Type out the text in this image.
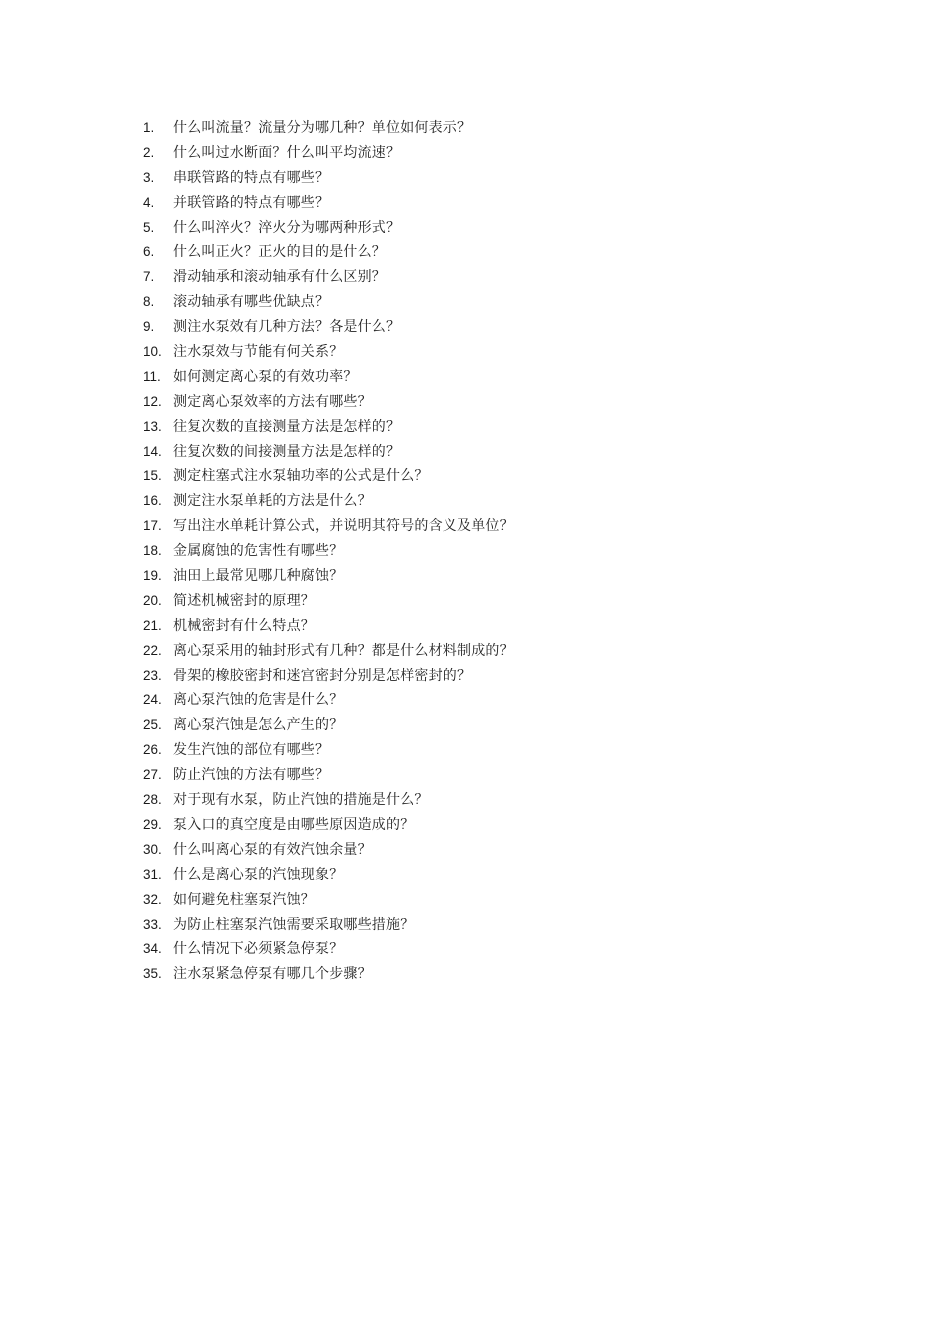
1.	什么叫流量？流量分为哪几种？单位如何表示？
2.	什么叫过水断面？什么叫平均流速？
3.	串联管路的特点有哪些？
4.	并联管路的特点有哪些？
5.	什么叫淬火？淬火分为哪两种形式？
6.	什么叫正火？正火的目的是什么？
7.	滑动轴承和滚动轴承有什么区别？
8.	滚动轴承有哪些优缺点？
9.	测注水泵效有几种方法？各是什么？
10. 注水泵效与节能有何关系？
11. 如何测定离心泵的有效功率？
12. 测定离心泵效率的方法有哪些？
13. 往复次数的直接测量方法是怎样的？
14. 往复次数的间接测量方法是怎样的？
15. 测定柱塞式注水泵轴功率的公式是什么？
16. 测定注水泵单耗的方法是什么？
17. 写出注水单耗计算公式，并说明其符号的含义及单位？
18. 金属腐蚀的危害性有哪些？
19. 油田上最常见哪几种腐蚀？
20. 简述机械密封的原理？
21. 机械密封有什么特点？
22. 离心泵采用的轴封形式有几种？都是什么材料制成的？
23. 骨架的橡胶密封和迷宫密封分别是怎样密封的？
24. 离心泵汽蚀的危害是什么？
25. 离心泵汽蚀是怎么产生的？
26. 发生汽蚀的部位有哪些？
27. 防止汽蚀的方法有哪些？
28. 对于现有水泵，防止汽蚀的措施是什么？
29. 泵入口的真空度是由哪些原因造成的？
30. 什么叫离心泵的有效汽蚀余量？
31. 什么是离心泵的汽蚀现象？
32. 如何避免柱塞泵汽蚀？
33. 为防止柱塞泵汽蚀需要采取哪些措施？
34. 什么情况下必须紧急停泵？
35. 注水泵紧急停泵有哪几个步骤？
